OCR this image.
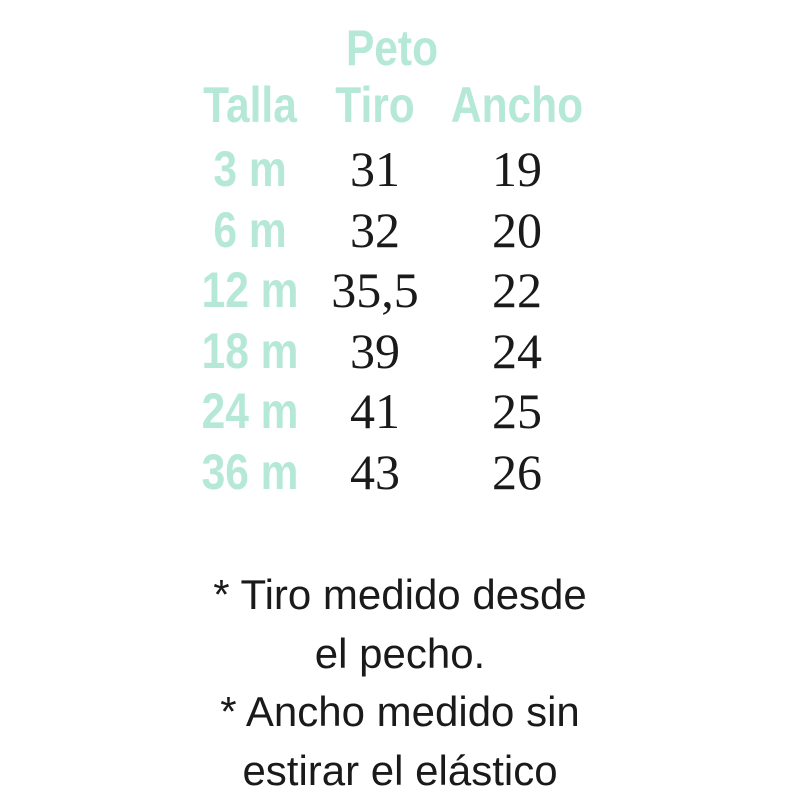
Peto
Talla Tiro Ancho
3 m	31	19
6 m	32	20
12 m 35,5	22
18 m	39	24
24 m	41	25
36 m	43	26
* Tiro medido desde
el pecho.
* Ancho medido sin
estirar el elástico
